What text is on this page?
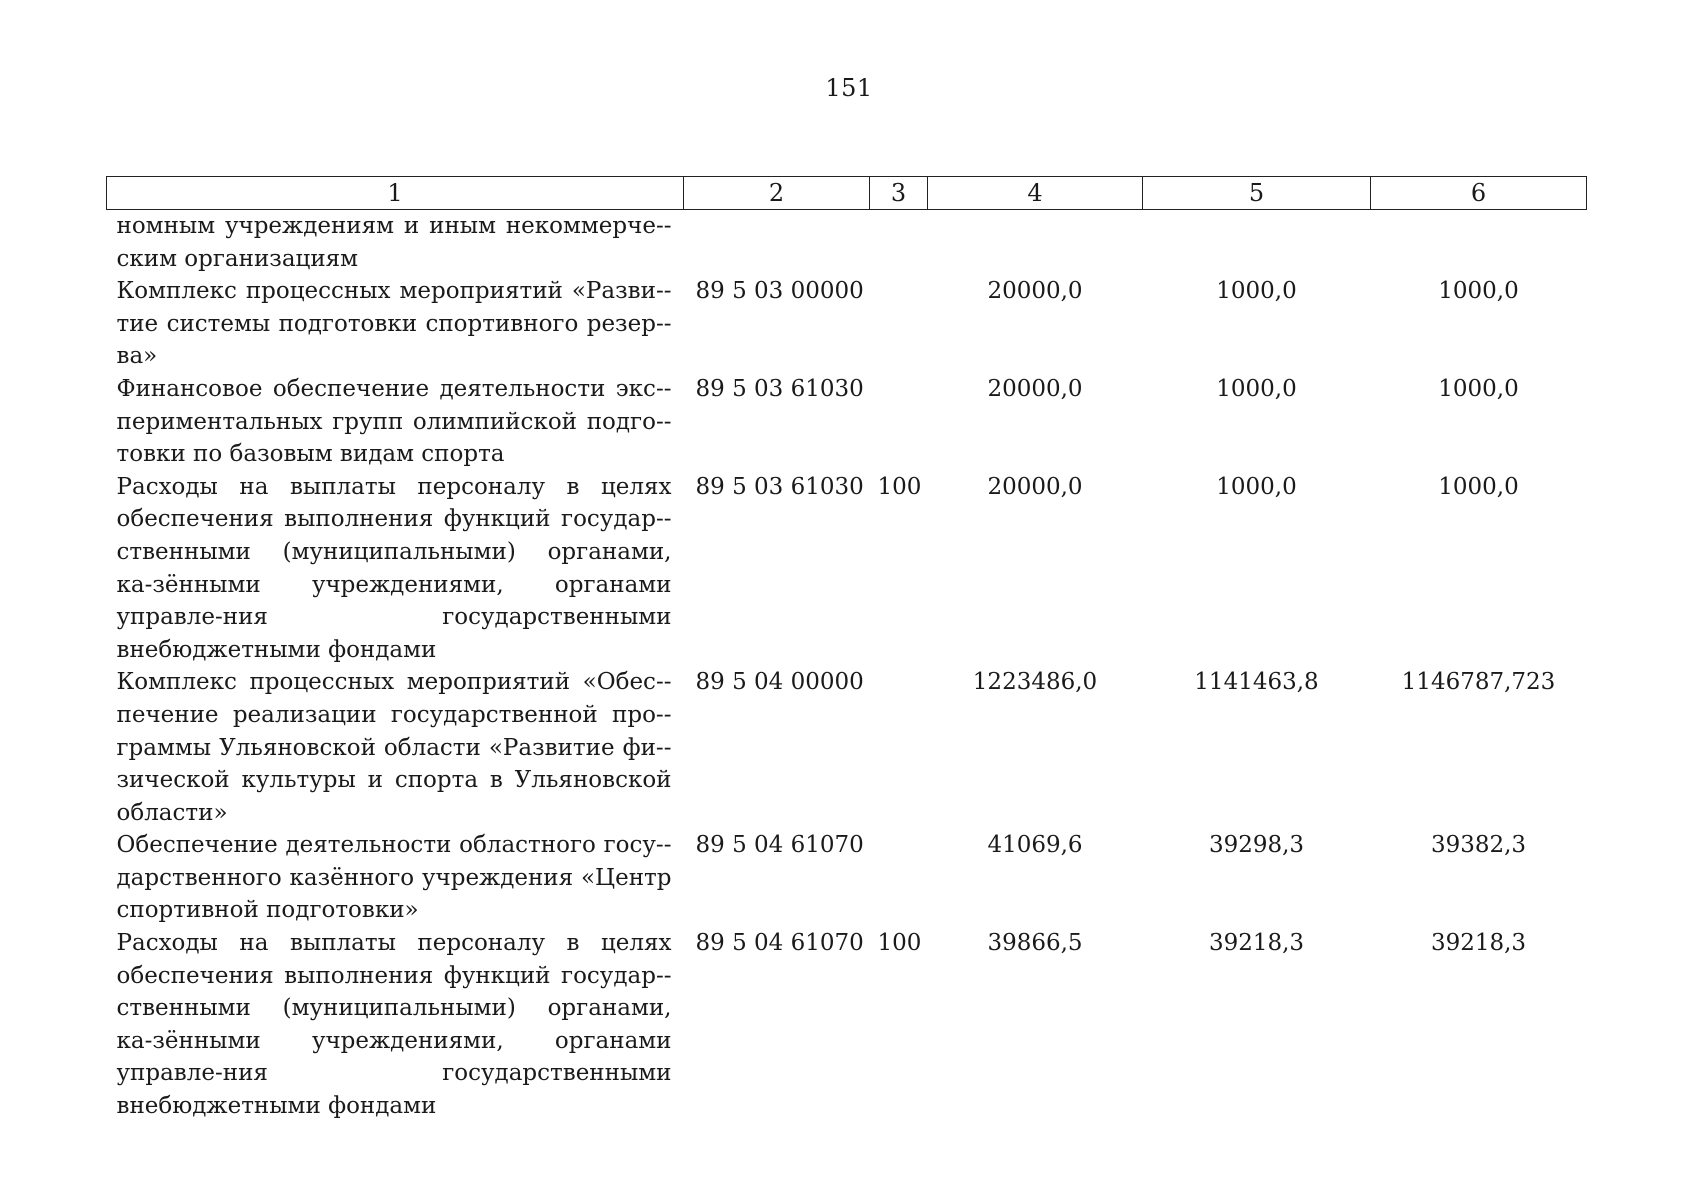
151
1	2	3	4	5	6
номным учреждениям и иным некоммерче-ским организациям					
Комплекс процессных мероприятий «Разви-тие системы подготовки спортивного резер-ва»	89 5 03 00000		20000,0	1000,0	1000,0
Финансовое обеспечение деятельности экс-периментальных групп олимпийской подго-товки по базовым видам спорта	89 5 03 61030		20000,0	1000,0	1000,0
Расходы на выплаты персоналу в целях обеспечения выполнения функций государ-ственными (муниципальными) органами, ка-зёнными учреждениями, органами управле-ния государственными внебюджетными фондами	89 5 03 61030	100	20000,0	1000,0	1000,0
Комплекс процессных мероприятий «Обес-печение реализации государственной про-граммы Ульяновской области «Развитие фи-зической культуры и спорта в Ульяновской области»	89 5 04 00000		1223486,0	1141463,8	1146787,723
Обеспечение деятельности областного госу-дарственного казённого учреждения «Центр спортивной подготовки»	89 5 04 61070		41069,6	39298,3	39382,3
Расходы на выплаты персоналу в целях обеспечения выполнения функций государ-ственными (муниципальными) органами, ка-зёнными учреждениями, органами управле-ния государственными внебюджетными фондами	89 5 04 61070	100	39866,5	39218,3	39218,3
